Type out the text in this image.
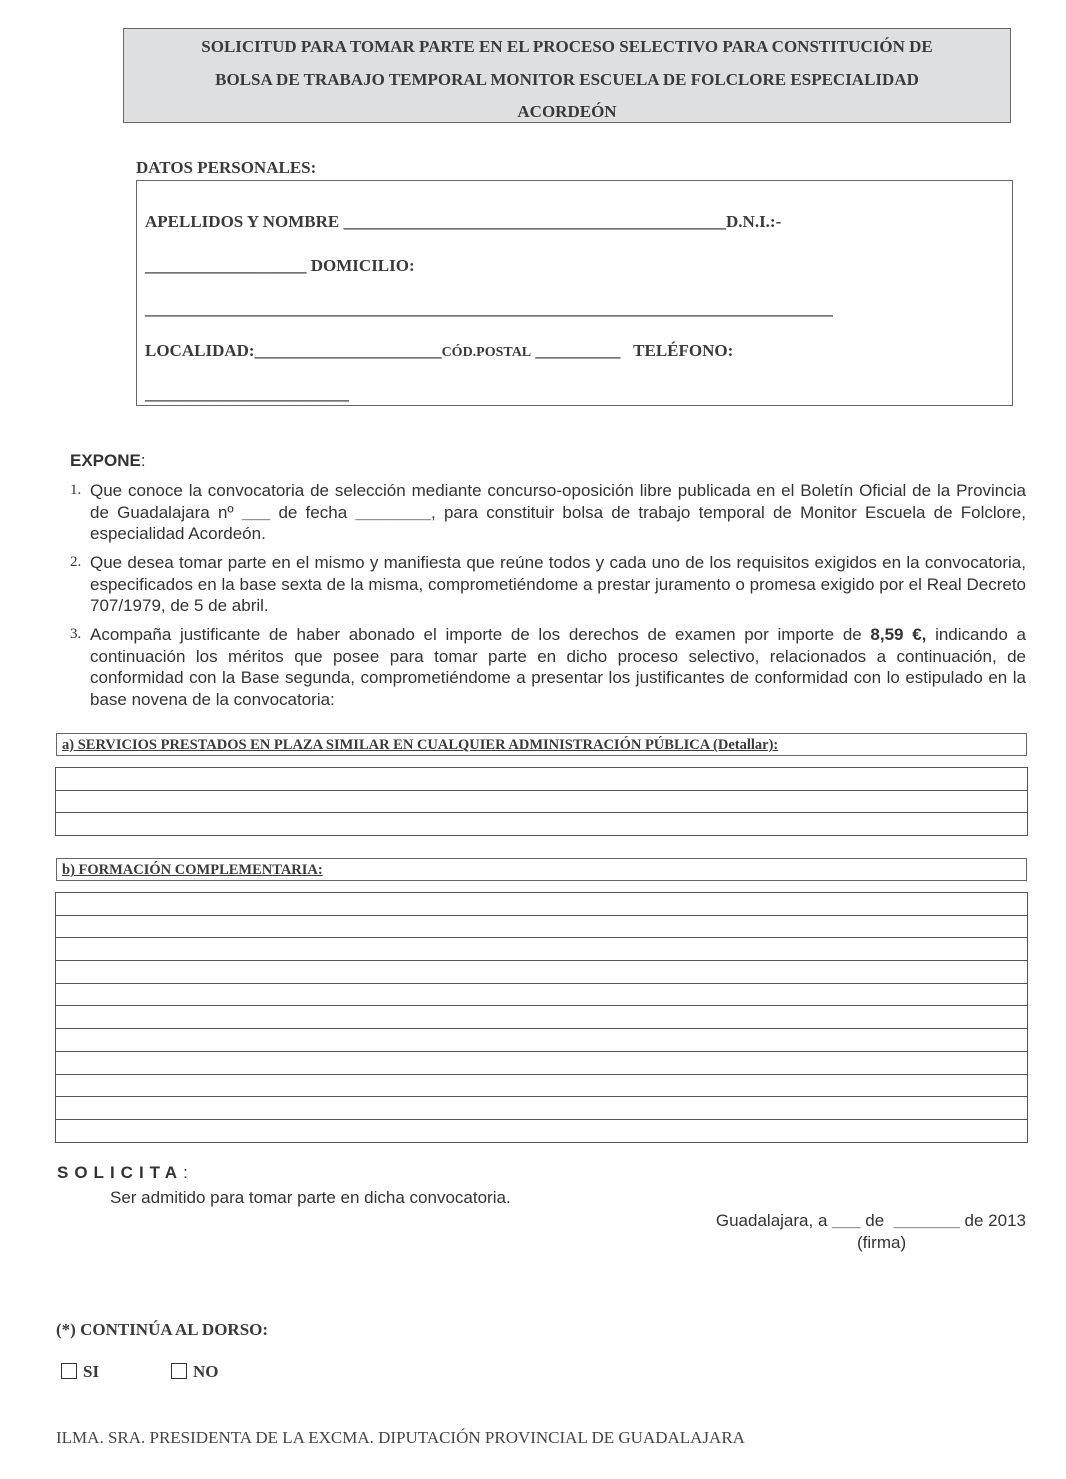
SOLICITUD PARA TOMAR PARTE EN EL PROCESO SELECTIVO PARA CONSTITUCIÓN DE
BOLSA DE TRABAJO TEMPORAL MONITOR ESCUELA DE FOLCLORE ESPECIALIDAD
ACORDEÓN
DATOS PERSONALES:
APELLIDOS Y NOMBRE _____________________________________________D.N.I.:-
___________________ DOMICILIO:
________________________________________________________________________________
LOCALIDAD:______________________CÓD.POSTAL __________ TELÉFONO:
________________________
EXPONE:
1. Que conoce la convocatoria de selección mediante concurso-oposición libre publicada en el Boletín Oficial de la Provincia de Guadalajara nº ___ de fecha ________, para constituir bolsa de trabajo temporal de Monitor Escuela de Folclore, especialidad Acordeón.
2. Que desea tomar parte en el mismo y manifiesta que reúne todos y cada uno de los requisitos exigidos en la convocatoria, especificados en la base sexta de la misma, comprometiéndome a prestar juramento o promesa exigido por el Real Decreto 707/1979, de 5 de abril.
3. Acompaña justificante de haber abonado el importe de los derechos de examen por importe de 8,59 €, indicando a continuación los méritos que posee para tomar parte en dicho proceso selectivo, relacionados a continuación, de conformidad con la Base segunda, comprometiéndome a presentar los justificantes de conformidad con lo estipulado en la base novena de la convocatoria:
a) SERVICIOS PRESTADOS EN PLAZA SIMILAR EN CUALQUIER ADMINISTRACIÓN PÚBLICA (Detallar):
b) FORMACIÓN COMPLEMENTARIA:
SOLICITA:
Ser admitido para tomar parte en dicha convocatoria.
Guadalajara, a ___ de _______ de 2013
(firma)
(*) CONTINÚA AL DORSO:
SI	NO
ILMA. SRA. PRESIDENTA DE LA EXCMA. DIPUTACIÓN PROVINCIAL DE GUADALAJARA
